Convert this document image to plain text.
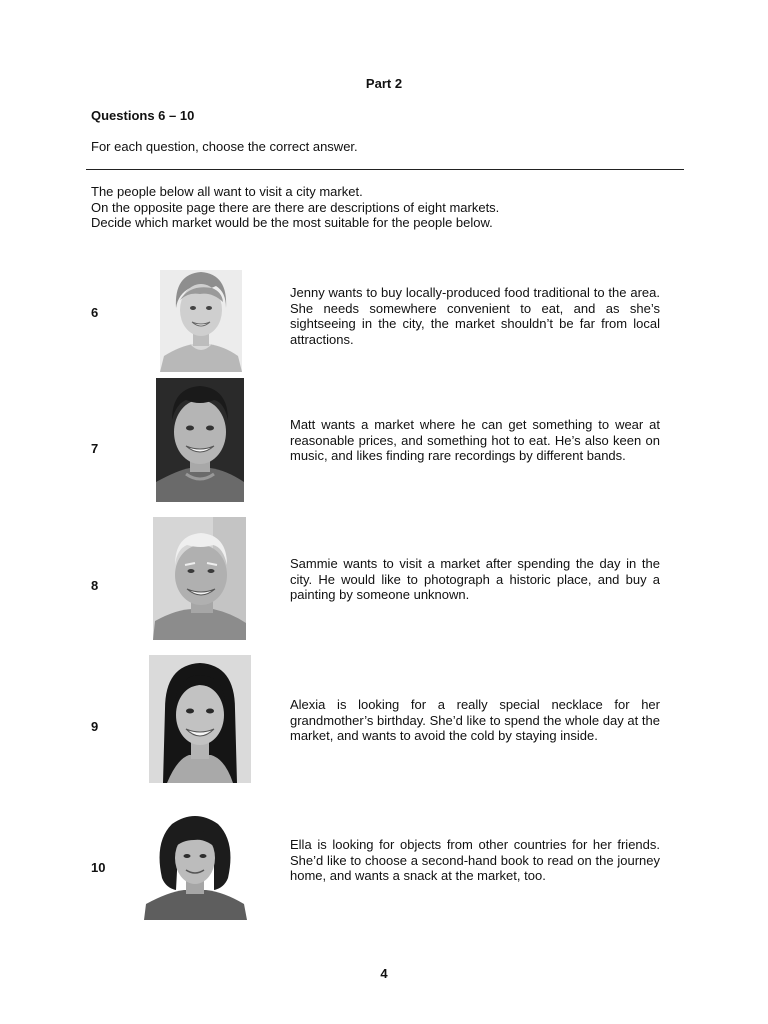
Part 2
Questions 6 – 10
For each question, choose the correct answer.
The people below all want to visit a city market.
On the opposite page there are there are descriptions of eight markets.
Decide which market would be the most suitable for the people below.
6
Jenny wants to buy locally-produced food traditional to the area. She needs somewhere convenient to eat, and as she’s sightseeing in the city, the market shouldn’t be far from local attractions.
7
Matt wants a market where he can get something to wear at reasonable prices, and something hot to eat. He’s also keen on music, and likes finding rare recordings by different bands.
8
Sammie wants to visit a market after spending the day in the city. He would like to photograph a historic place, and buy a painting by someone unknown.
9
Alexia is looking for a really special necklace for her grandmother’s birthday. She’d like to spend the whole day at the market, and wants to avoid the cold by staying inside.
10
Ella is looking for objects from other countries for her friends. She’d like to choose a second-hand book to read on the journey home, and wants a snack at the market, too.
4
